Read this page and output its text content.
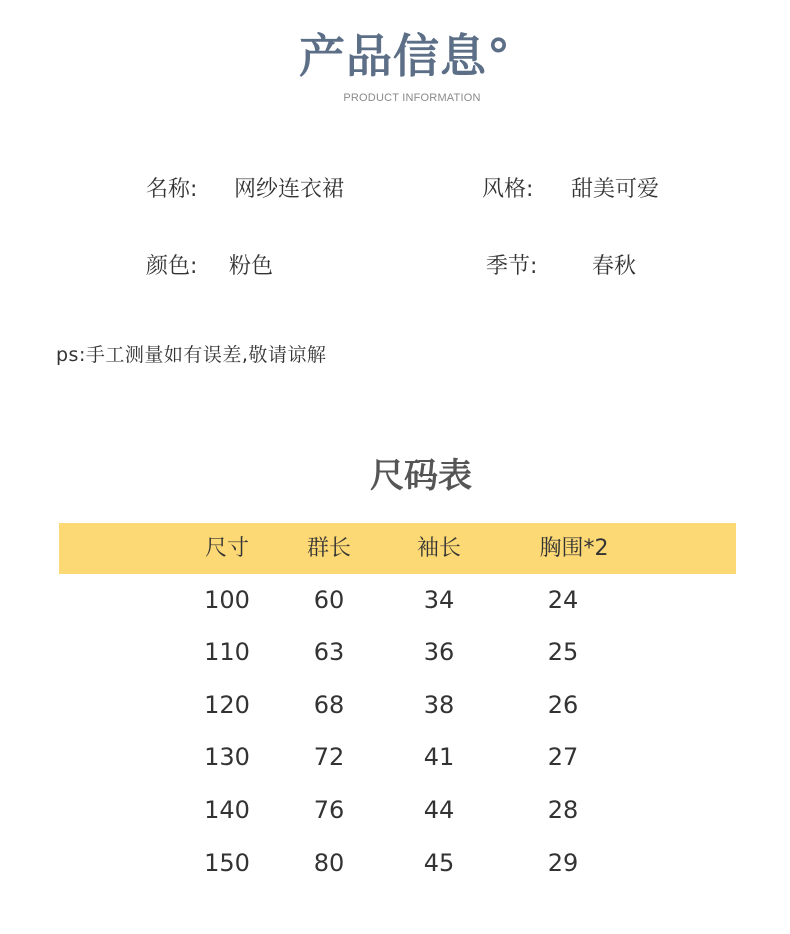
产品信息°
PRODUCT INFORMATION
名称: 网纱连衣裙	风格: 甜美可爱
颜色: 粉色	季节: 春秋
ps:手工测量如有误差,敬请谅解
尺码表
尺寸	群长	袖长	胸围*2
100	60	34	24
110	63	36	25
120	68	38	26
130	72	41	27
140	76	44	28
150	80	45	29
